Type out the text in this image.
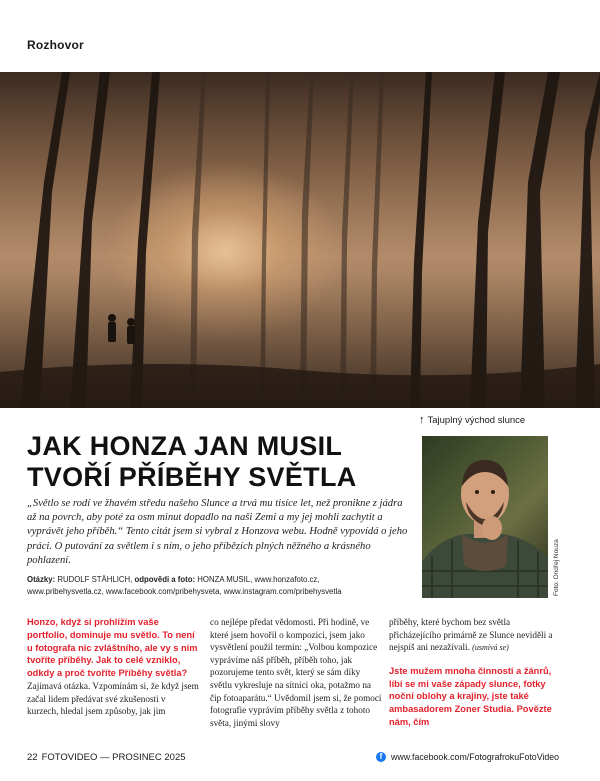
Rozhovor
↑ Tajuplný východ slunce
JAK HONZA JAN MUSIL
TVOŘÍ PŘÍBĚHY SVĚTLA
„Světlo se rodí ve žhavém středu našeho Slunce a trvá mu tisíce let, než pronikne z jádra až na povrch, aby poté za osm minut dopadlo na naši Zemi a my jej mohli zachytit a vyprávět jeho příběh.“ Tento citát jsem si vybral z Honzova webu. Hodně vypovídá o jeho práci. O putování za světlem i s ním, o jeho příbězích plných něžného a krásného pohlazení.
Otázky: RUDOLF STÄHLICH, odpovědi a foto: HONZA MUSIL, www.honzafoto.cz,
www.pribehysvetla.cz, www.facebook.com/pribehysveta, www.instagram.com/pribehysvetla	Foto: Ondřej Nouza
Honzo, když si prohlížím vaše portfolio, dominuje mu světlo. To není u fotografa nic zvláštního, ale vy s ním tvoříte příběhy. Jak to celé vzniklo, odkdy a proč tvoříte Příběhy světla?
Zajímavá otázka. Vzpomínám si, že když jsem začal lidem předávat své zkušenosti v kurzech, hledal jsem způsoby, jak jim
co nejlépe předat vědomosti. Při hodině, ve které jsem hovořil o kompozici, jsem jako vysvětlení použil termín: „Volbou kompozice vyprávíme náš příběh, příběh toho, jak pozorujeme tento svět, který se sám díky světlu vykresluje na sítnici oka, potažmo na čip fotoaparátu.“ Uvědomil jsem si, že pomocí fotografie vyprávím příběhy světla z tohoto světa, jinými slovy
příběhy, které bychom bez světla přicházejícího primárně ze Slunce neviděli a nejspíš ani nezažívali. (usmívá se)
Jste mužem mnoha činností a žánrů, líbí se mi vaše západy slunce, fotky noční oblohy a krajiny, jste také ambasadorem Zoner Studia. Povězte nám, čím
22 FOTOVIDEO — PROSINEC 2025	f www.facebook.com/FotografrokuFotoVideo
